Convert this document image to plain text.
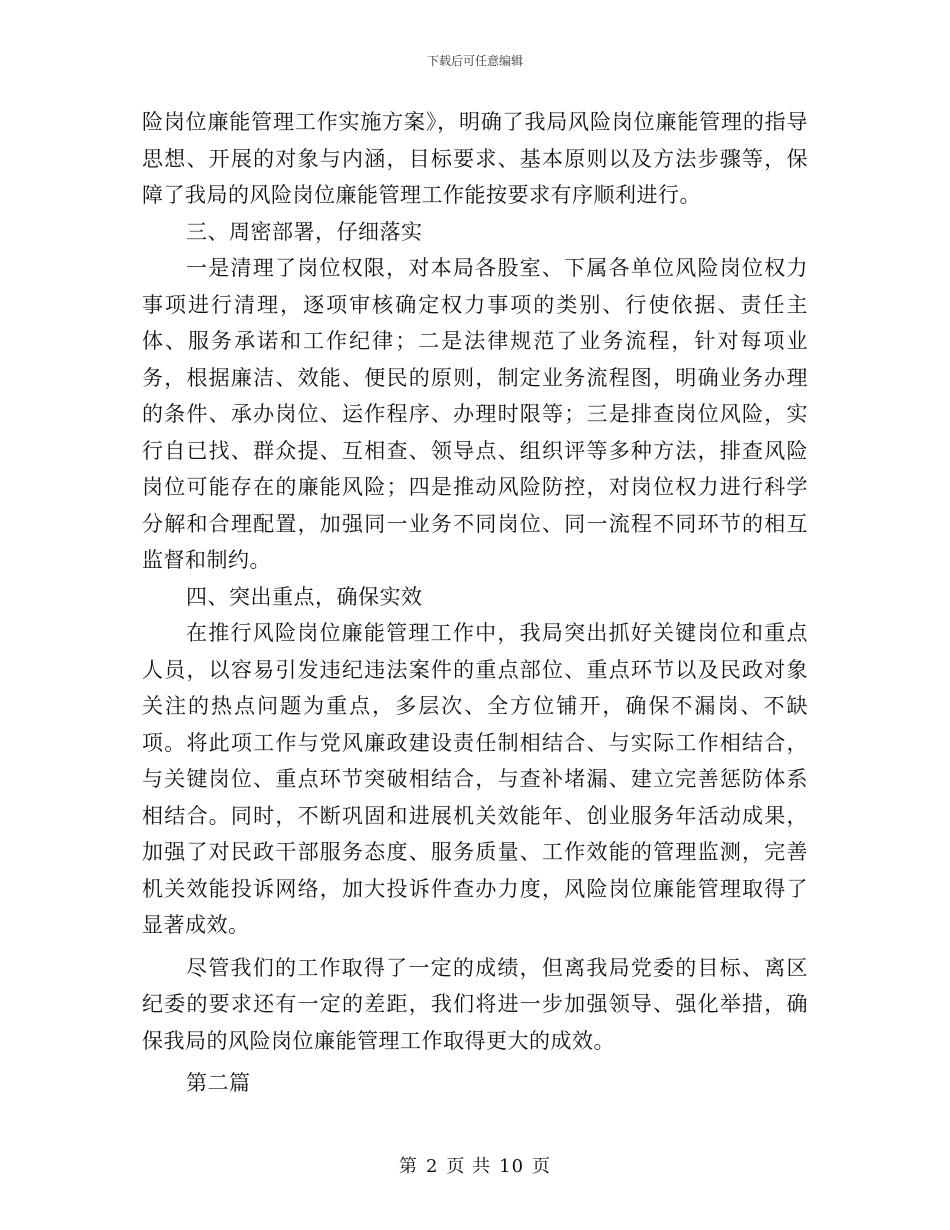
下载后可任意编辑

险岗位廉能管理工作实施方案》，明确了我局风险岗位廉能管理的指导思想、开展的对象与内涵，目标要求、基本原则以及方法步骤等，保障了我局的风险岗位廉能管理工作能按要求有序顺利进行。

三、周密部署，仔细落实

一是清理了岗位权限，对本局各股室、下属各单位风险岗位权力事项进行清理，逐项审核确定权力事项的类别、行使依据、责任主体、服务承诺和工作纪律；二是法律规范了业务流程，针对每项业务，根据廉洁、效能、便民的原则，制定业务流程图，明确业务办理的条件、承办岗位、运作程序、办理时限等；三是排查岗位风险，实行自已找、群众提、互相查、领导点、组织评等多种方法，排查风险岗位可能存在的廉能风险；四是推动风险防控，对岗位权力进行科学分解和合理配置，加强同一业务不同岗位、同一流程不同环节的相互监督和制约。

四、突出重点，确保实效

在推行风险岗位廉能管理工作中，我局突出抓好关键岗位和重点人员，以容易引发违纪违法案件的重点部位、重点环节以及民政对象关注的热点问题为重点，多层次、全方位铺开，确保不漏岗、不缺项。将此项工作与党风廉政建设责任制相结合、与实际工作相结合，与关键岗位、重点环节突破相结合，与查补堵漏、建立完善惩防体系相结合。同时，不断巩固和进展机关效能年、创业服务年活动成果，加强了对民政干部服务态度、服务质量、工作效能的管理监测，完善机关效能投诉网络，加大投诉件查办力度，风险岗位廉能管理取得了显著成效。

尽管我们的工作取得了一定的成绩，但离我局党委的目标、离区纪委的要求还有一定的差距，我们将进一步加强领导、强化举措，确保我局的风险岗位廉能管理工作取得更大的成效。

第二篇

第 2 页 共 10 页
